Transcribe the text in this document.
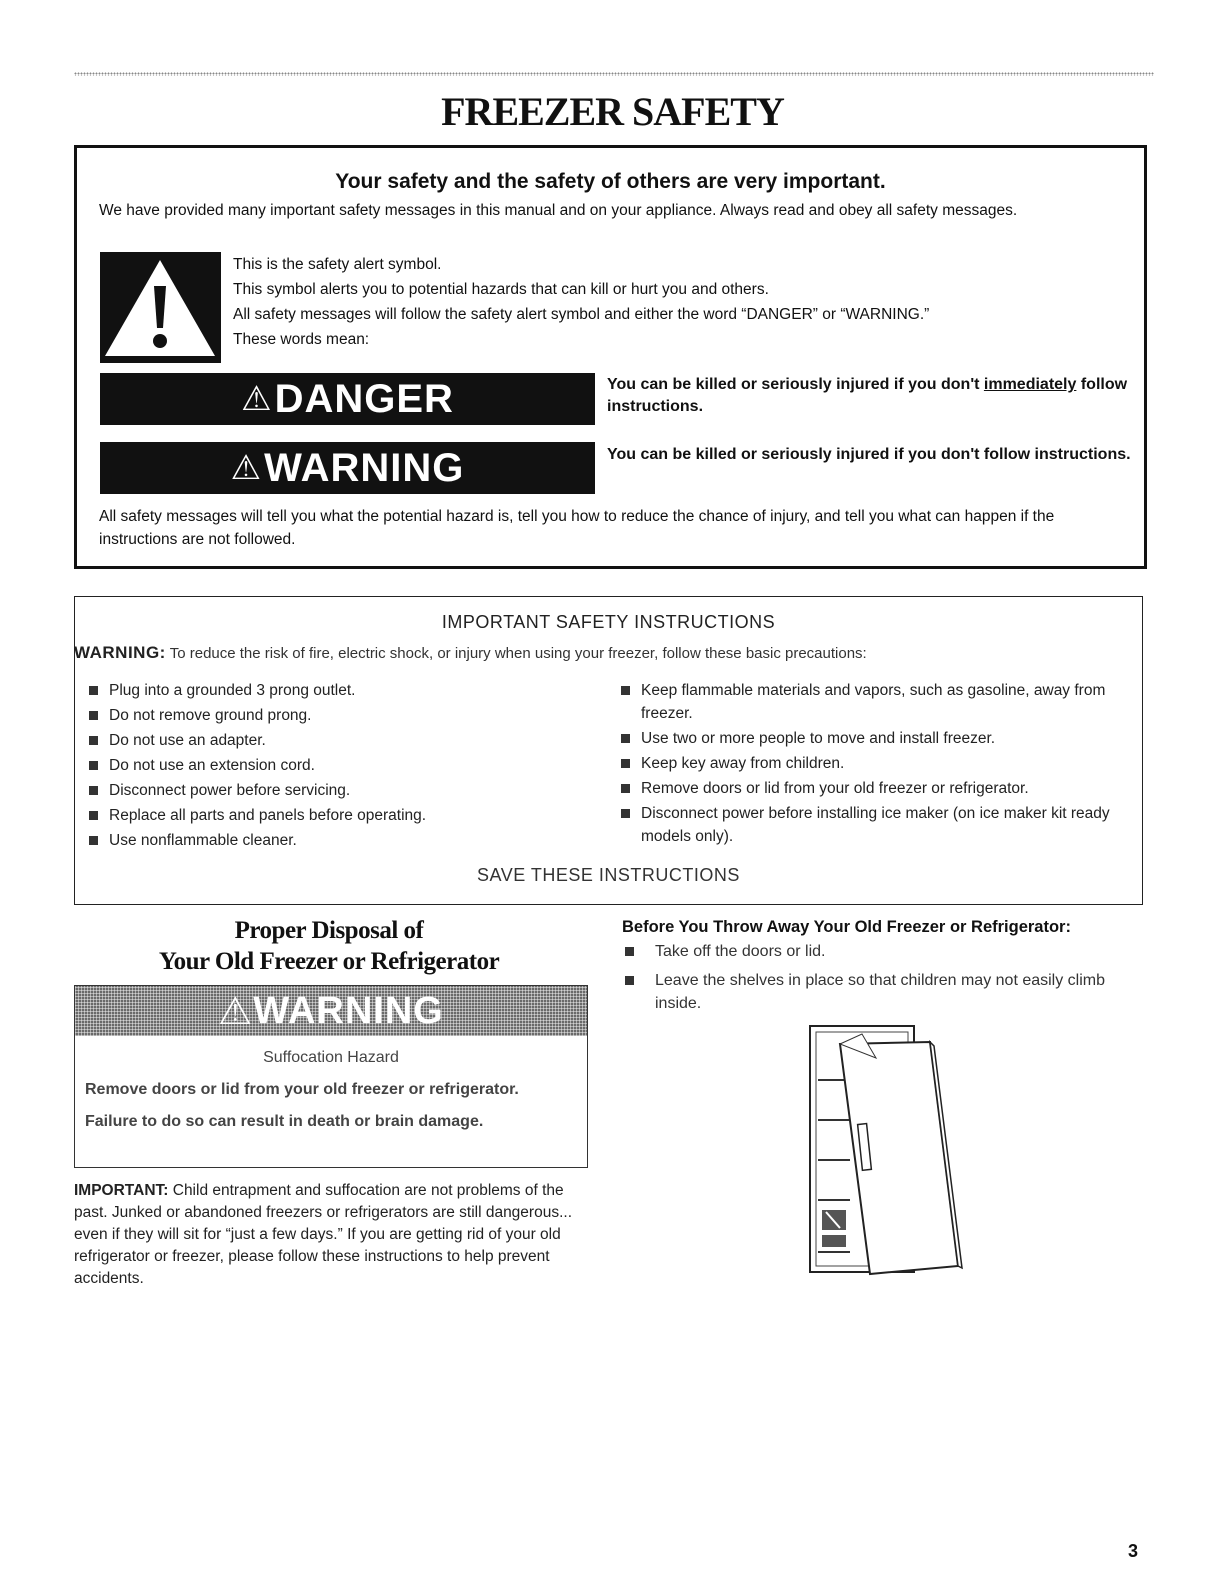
FREEZER SAFETY
Your safety and the safety of others are very important.
We have provided many important safety messages in this manual and on your appliance. Always read and obey all safety messages.
This is the safety alert symbol.
This symbol alerts you to potential hazards that can kill or hurt you and others.
All safety messages will follow the safety alert symbol and either the word “DANGER” or “WARNING.”
These words mean:
⚠ DANGER	You can be killed or seriously injured if you don't immediately follow instructions.
⚠ WARNING	You can be killed or seriously injured if you don't follow instructions.
All safety messages will tell you what the potential hazard is, tell you how to reduce the chance of injury, and tell you what can happen if the instructions are not followed.
IMPORTANT SAFETY INSTRUCTIONS
WARNING: To reduce the risk of fire, electric shock, or injury when using your freezer, follow these basic precautions:
Plug into a grounded 3 prong outlet.
Do not remove ground prong.
Do not use an adapter.
Do not use an extension cord.
Disconnect power before servicing.
Replace all parts and panels before operating.
Use nonflammable cleaner.
Keep flammable materials and vapors, such as gasoline, away from freezer.
Use two or more people to move and install freezer.
Keep key away from children.
Remove doors or lid from your old freezer or refrigerator.
Disconnect power before installing ice maker (on ice maker kit ready models only).
SAVE THESE INSTRUCTIONS
Proper Disposal of
Your Old Freezer or Refrigerator
⚠ WARNING
Suffocation Hazard
Remove doors or lid from your old freezer or refrigerator.
Failure to do so can result in death or brain damage.
IMPORTANT: Child entrapment and suffocation are not problems of the past. Junked or abandoned freezers or refrigerators are still dangerous... even if they will sit for “just a few days.” If you are getting rid of your old refrigerator or freezer, please follow these instructions to help prevent accidents.
Before You Throw Away Your Old Freezer or Refrigerator:
Take off the doors or lid.
Leave the shelves in place so that children may not easily climb inside.
3
